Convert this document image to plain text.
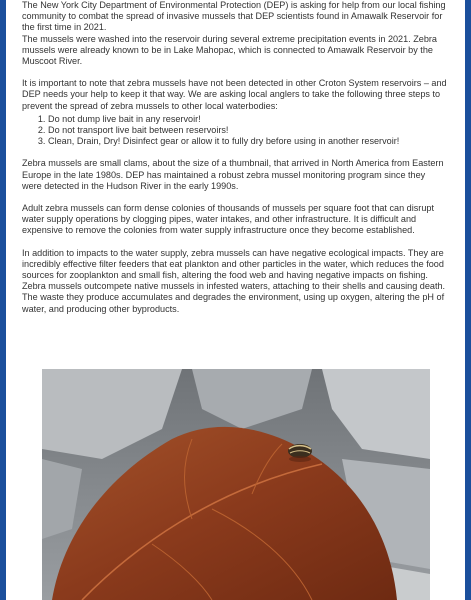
The New York City Department of Environmental Protection (DEP) is asking for help from our local fishing community to combat the spread of invasive mussels that DEP scientists found in Amawalk Reservoir for the first time in 2021.

The mussels were washed into the reservoir during several extreme precipitation events in 2021. Zebra mussels were already known to be in Lake Mahopac, which is connected to Amawalk Reservoir by the Muscoot River.

It is important to note that zebra mussels have not been detected in other Croton System reservoirs – and DEP needs your help to keep it that way. We are asking local anglers to take the following three steps to prevent the spread of zebra mussels to other local waterbodies:

1. Do not dump live bait in any reservoir!
2. Do not transport live bait between reservoirs!
3. Clean, Drain, Dry! Disinfect gear or allow it to fully dry before using in another reservoir!

Zebra mussels are small clams, about the size of a thumbnail, that arrived in North America from Eastern Europe in the late 1980s. DEP has maintained a robust zebra mussel monitoring program since they were detected in the Hudson River in the early 1990s.

Adult zebra mussels can form dense colonies of thousands of mussels per square foot that can disrupt water supply operations by clogging pipes, water intakes, and other infrastructure. It is difficult and expensive to remove the colonies from water supply infrastructure once they become established.

In addition to impacts to the water supply, zebra mussels can have negative ecological impacts. They are incredibly effective filter feeders that eat plankton and other particles in the water, which reduces the food sources for zooplankton and small fish, altering the food web and having negative impacts on fishing. Zebra mussels outcompete native mussels in infested waters, attaching to their shells and causing death. The waste they produce accumulates and degrades the environment, using up oxygen, altering the pH of water, and producing other byproducts.
